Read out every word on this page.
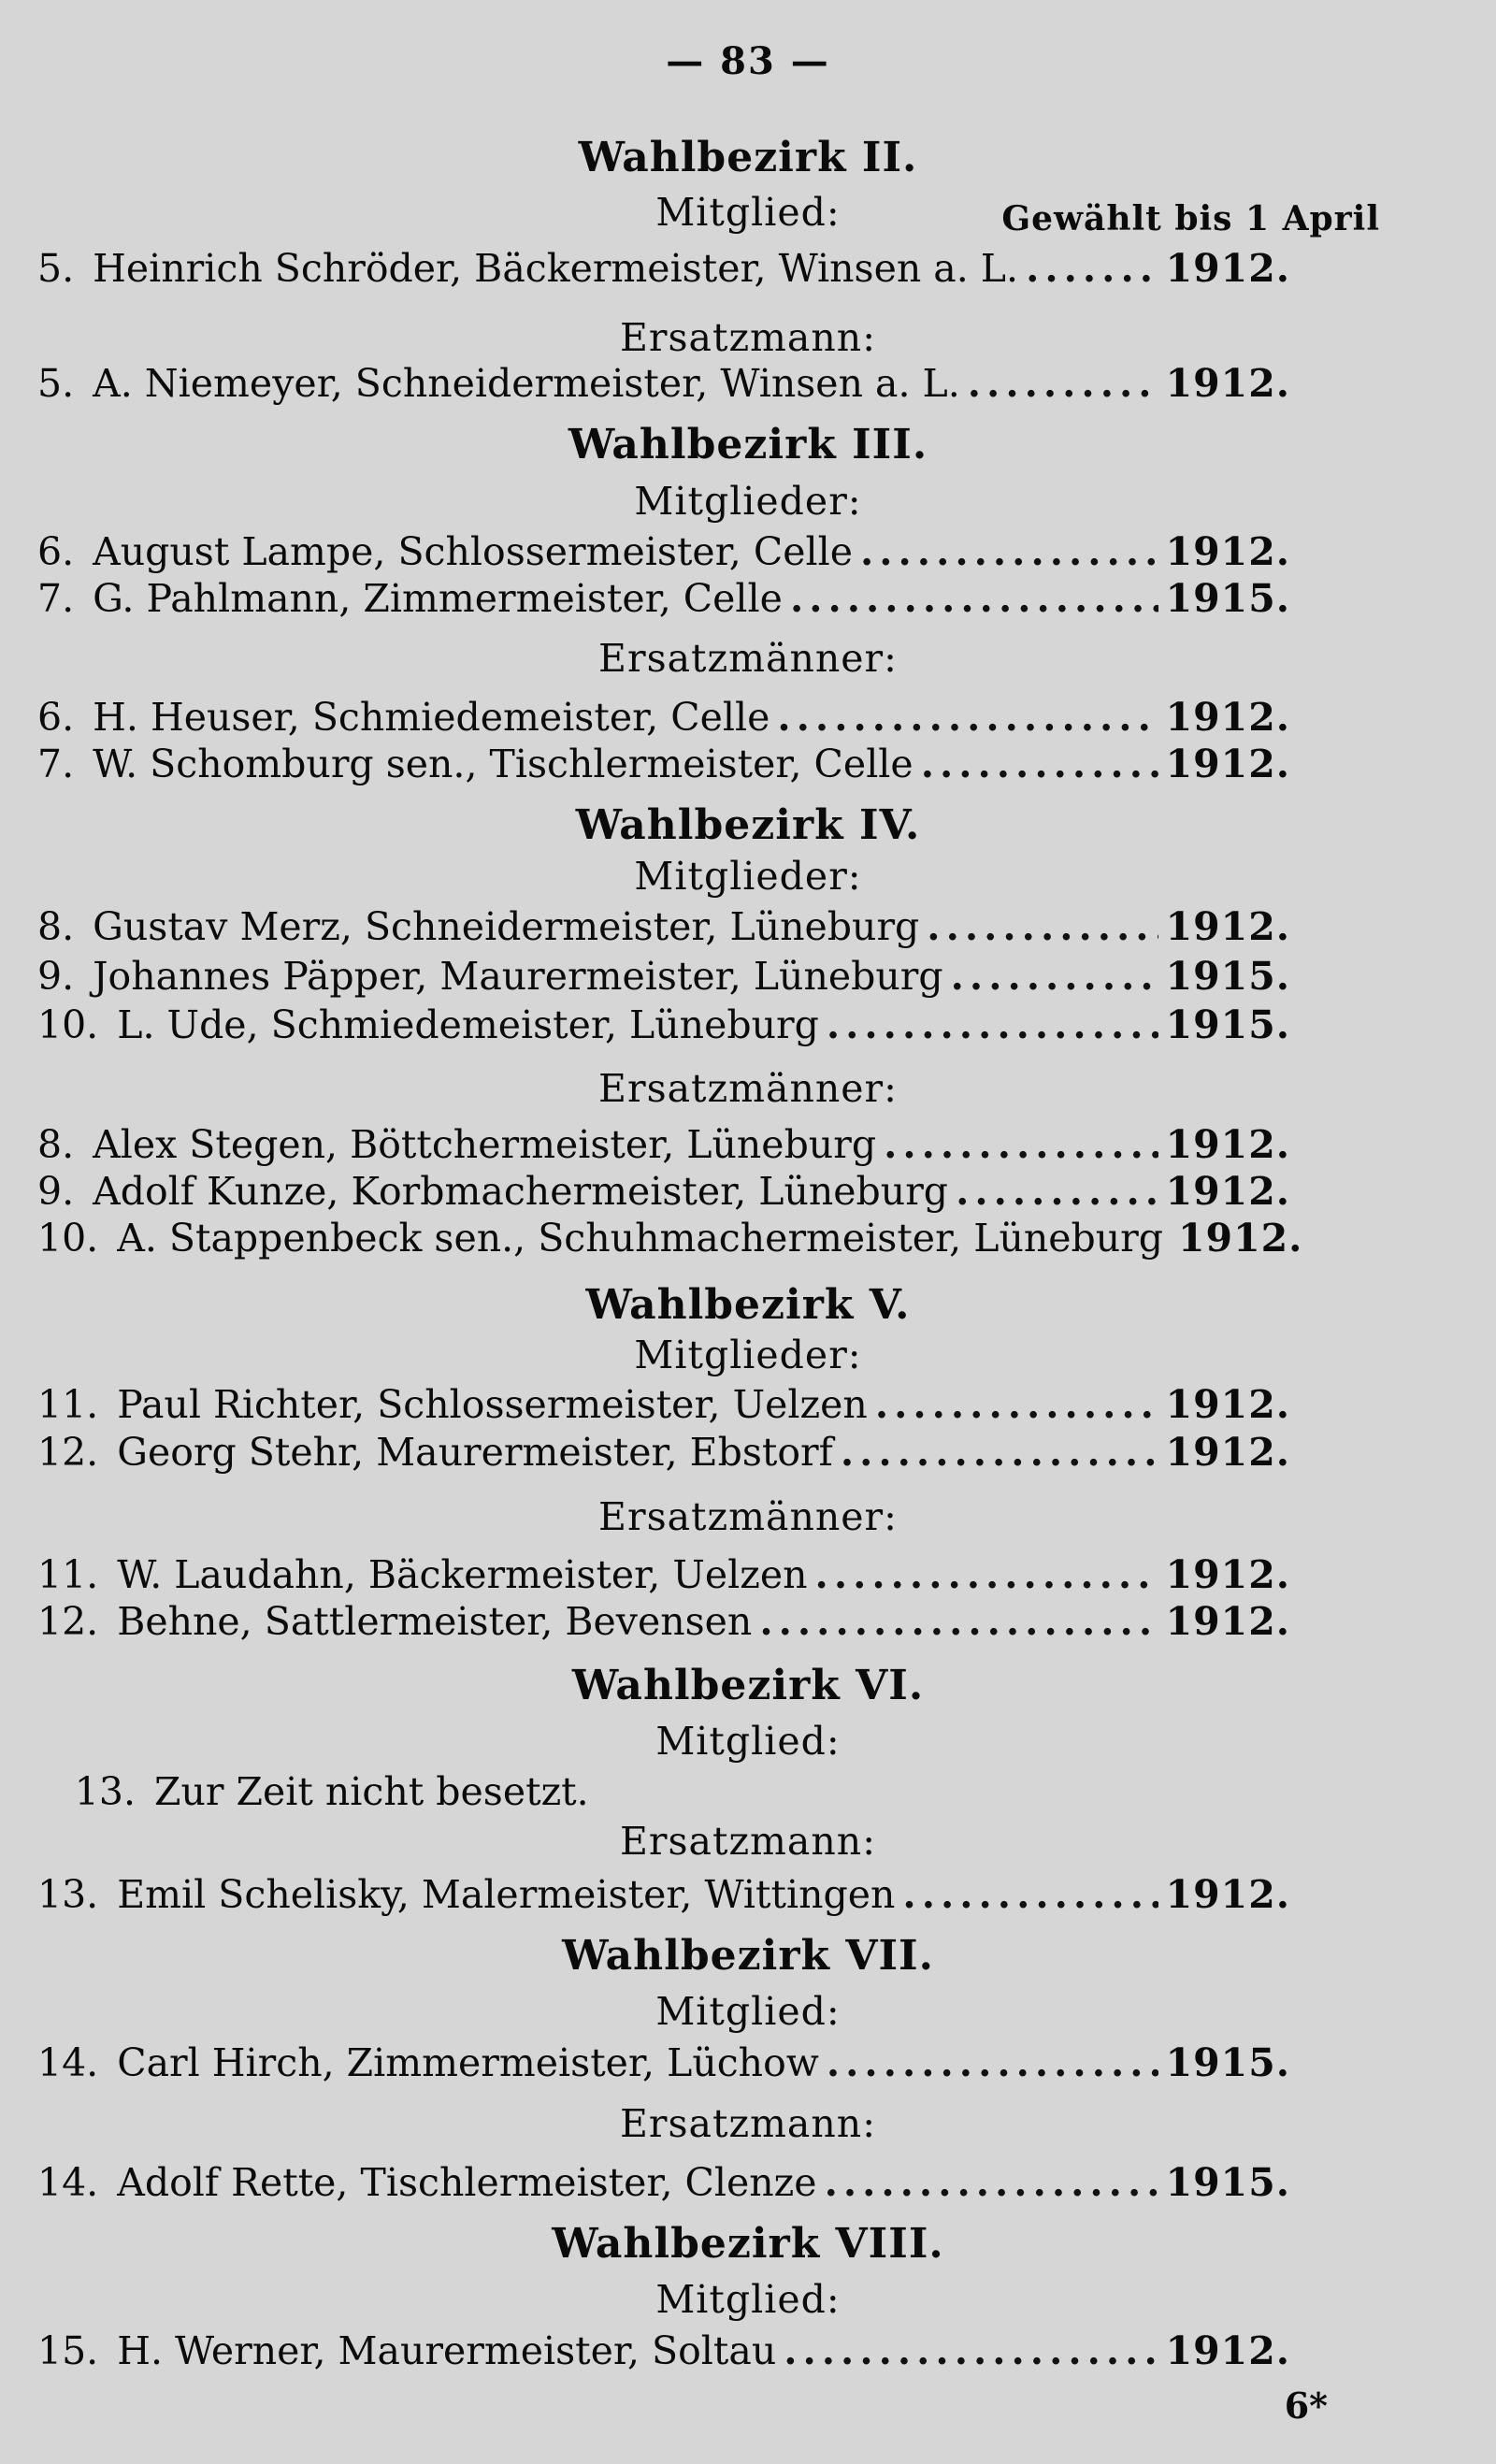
— 83 —
Gewählt bis 1 April
Wahlbezirk II.
Mitglied:
5. Heinrich Schröder, Bäckermeister, Winsen a. L. .....	1912.
Ersatzmann:
5. A. Niemeyer, Schneidermeister, Winsen a. L. .....	1912.
Wahlbezirk III.
Mitglieder:
6. August Lampe, Schlossermeister, Celle .....	1912.
7. G. Pahlmann, Zimmermeister, Celle .....	1915.
Ersatzmänner:
6. H. Heuser, Schmiedemeister, Celle .....	1912.
7. W. Schomburg sen., Tischlermeister, Celle .....	1912.
Wahlbezirk IV.
Mitglieder:
8. Gustav Merz, Schneidermeister, Lüneburg .....	1912.
9. Johannes Päpper, Maurermeister, Lüneburg .....	1915.
10. L. Ude, Schmiedemeister, Lüneburg .....	1915.
Ersatzmänner:
8. Alex Stegen, Böttchermeister, Lüneburg .....	1912.
9. Adolf Kunze, Korbmachermeister, Lüneburg .....	1912.
10. A. Stappenbeck sen., Schuhmachermeister, Lüneburg 1912.
Wahlbezirk V.
Mitglieder:
11. Paul Richter, Schlossermeister, Uelzen .....	1912.
12. Georg Stehr, Maurermeister, Ebstorf .....	1912.
Ersatzmänner:
11. W. Laudahn, Bäckermeister, Uelzen .....	1912.
12. Behne, Sattlermeister, Bevensen .....	1912.
Wahlbezirk VI.
Mitglied:
13. Zur Zeit nicht besetzt.
Ersatzmann:
13. Emil Schelisky, Malermeister, Wittingen .....	1912.
Wahlbezirk VII.
Mitglied:
14. Carl Hirch, Zimmermeister, Lüchow .....	1915.
Ersatzmann:
14. Adolf Rette, Tischlermeister, Clenze .....	1915.
Wahlbezirk VIII.
Mitglied:
15. H. Werner, Maurermeister, Soltau .....	1912.
6*
